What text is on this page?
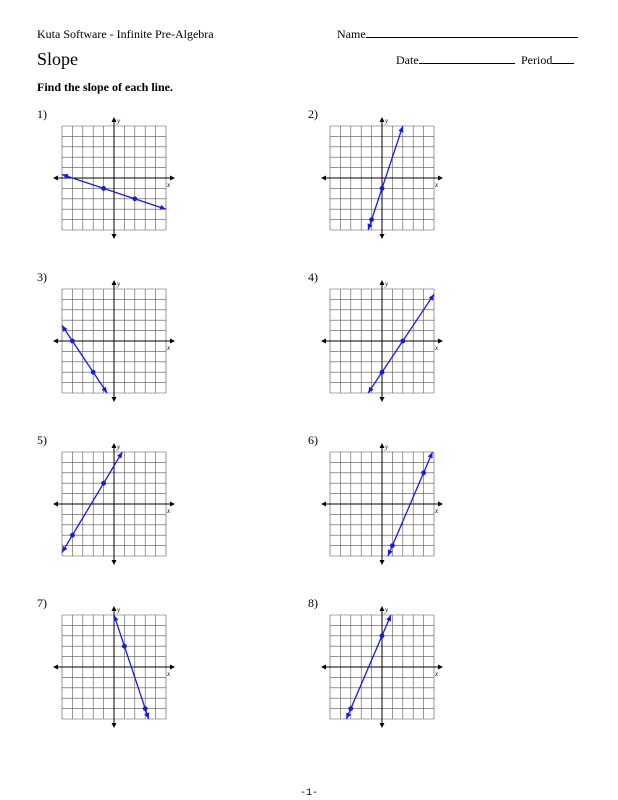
Kuta Software - Infinite Pre-Algebra
Slope
Name
Date	Period
Find the slope of each line.
1)
x
y	2)
x
y
3)
x
y	4)
x
y
5)
x
y	6)
x
y
7)
x
y	8)
x
y
-1-
